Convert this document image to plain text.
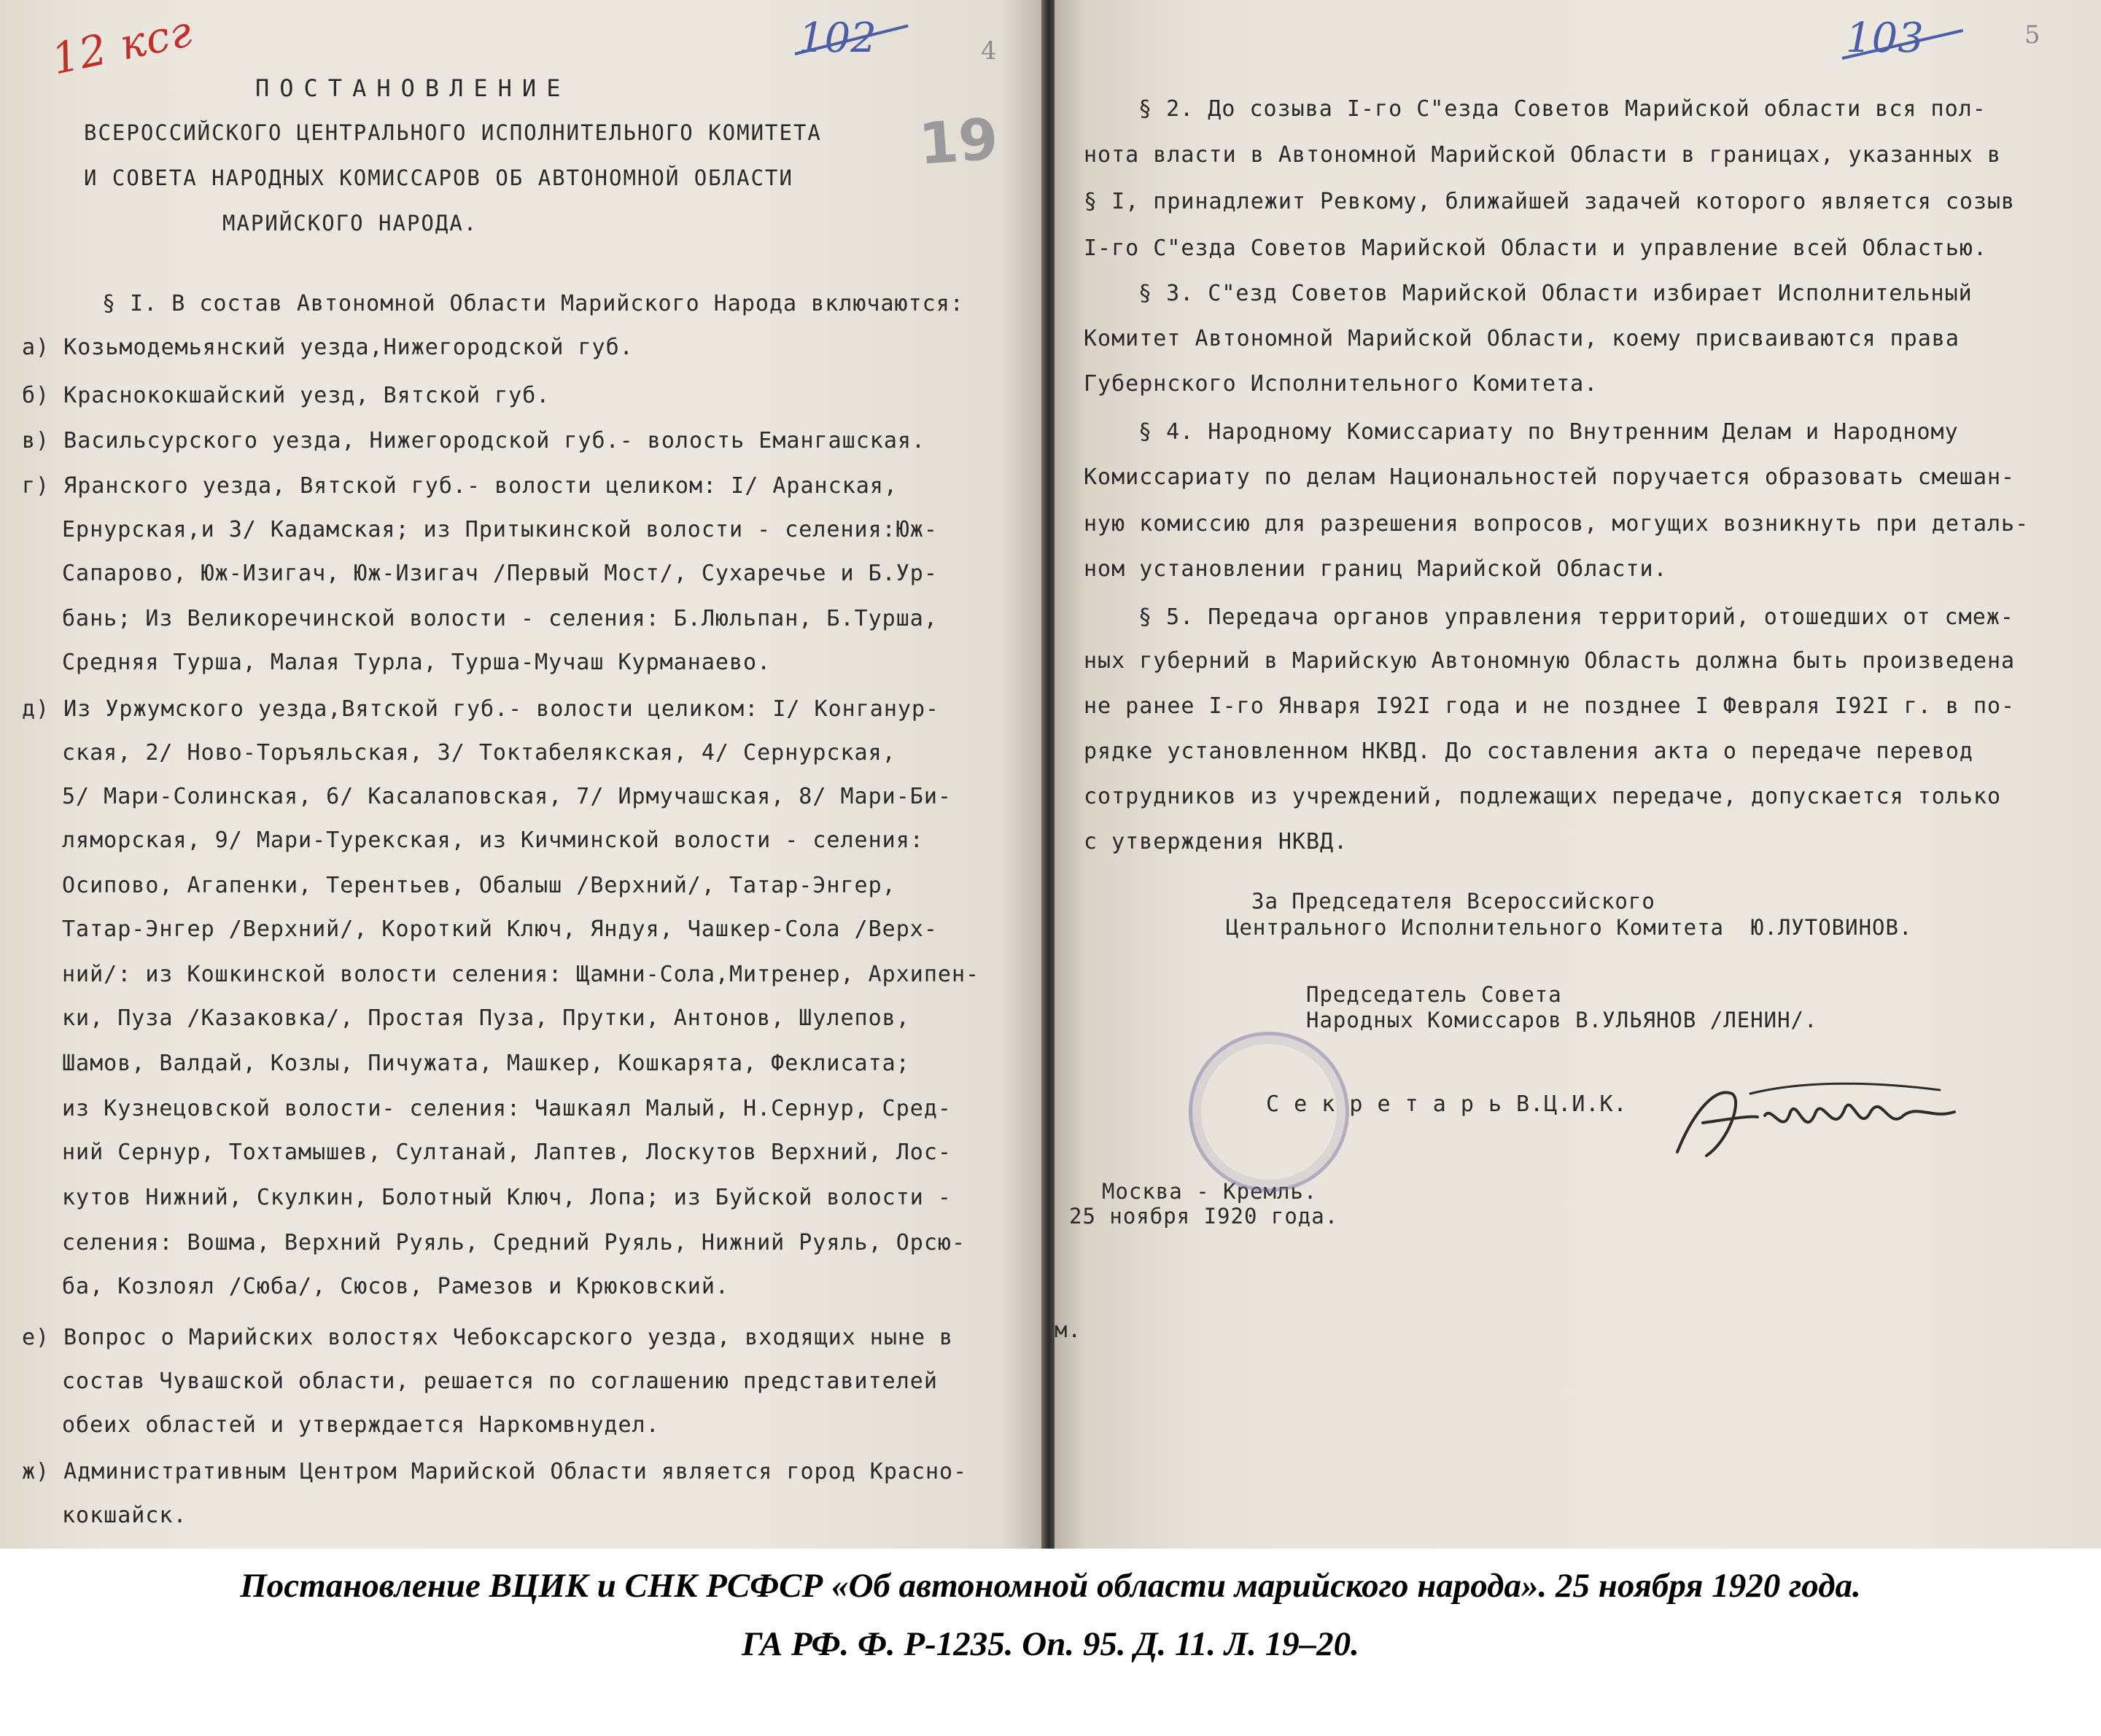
12 ксг	102	4
19
ПОСТАНОВЛЕНИЕ
ВСЕРОССИЙСКОГО ЦЕНТРАЛЬНОГО ИСПОЛНИТЕЛЬНОГО КОМИТЕТА
И СОВЕТА НАРОДНЫХ КОМИССАРОВ ОБ АВТОНОМНОЙ ОБЛАСТИ
МАРИЙСКОГО НАРОДА.
§ I. В состав Автономной Области Марийского Народа включаются:
а) Козьмодемьянский уезда,Нижегородской губ.
б) Краснококшайский уезд, Вятской губ.
в) Васильсурского уезда, Нижегородской губ.- волость Емангашская.
г) Яранского уезда, Вятской губ.- волости целиком: I/ Аранская,
Ернурская,и 3/ Кадамская; из Притыкинской волости - селения:Юж-
Сапарово, Юж-Изигач, Юж-Изигач /Первый Мост/, Сухаречье и Б.Ур-
бань; Из Великоречинской волости - селения: Б.Люльпан, Б.Турша,
Средняя Турша, Малая Турла, Турша-Мучаш Курманаево.
д) Из Уржумского уезда,Вятской губ.- волости целиком: I/ Конганур-
ская, 2/ Ново-Торъяльская, 3/ Токтабелякская, 4/ Сернурская,
5/ Мари-Солинская, 6/ Касалаповская, 7/ Ирмучашская, 8/ Мари-Би-
ляморская, 9/ Мари-Турекская, из Кичминской волости - селения:
Осипово, Агапенки, Терентьев, Обалыш /Верхний/, Татар-Энгер,
Татар-Энгер /Верхний/, Короткий Ключ, Яндуя, Чашкер-Сола /Верх-
ний/: из Кошкинской волости селения: Щамни-Сола,Митренер, Архипен-
ки, Пуза /Казаковка/, Простая Пуза, Прутки, Антонов, Шулепов,
Шамов, Валдай, Козлы, Пичужата, Машкер, Кошкарята, Феклисата;
из Кузнецовской волости- селения: Чашкаял Малый, Н.Сернур, Сред-
ний Сернур, Тохтамышев, Султанай, Лаптев, Лоскутов Верхний, Лос-
кутов Нижний, Скулкин, Болотный Ключ, Лопа; из Буйской волости -
селения: Вошма, Верхний Руяль, Средний Руяль, Нижний Руяль, Орсю-
ба, Козлоял /Сюба/, Сюсов, Рамезов и Крюковский.
е) Вопрос о Марийских волостях Чебоксарского уезда, входящих ныне в
состав Чувашской области, решается по соглашению представителей
обеих областей и утверждается Наркомвнудел.
ж) Административным Центром Марийской Области является город Красно-
кокшайск.
103	5
§ 2. До созыва I-го С"езда Советов Марийской области вся пол-
нота власти в Автономной Марийской Области в границах, указанных в
§ I, принадлежит Ревкому, ближайшей задачей которого является созыв
I-го С"езда Советов Марийской Области и управление всей Областью.
§ 3. С"езд Советов Марийской Области избирает Исполнительный
Комитет Автономной Марийской Области, коему присваиваются права
Губернского Исполнительного Комитета.
§ 4. Народному Комиссариату по Внутренним Делам и Народному
Комиссариату по делам Национальностей поручается образовать смешан-
ную комиссию для разрешения вопросов, могущих возникнуть при деталь-
ном установлении границ Марийской Области.
§ 5. Передача органов управления территорий, отошедших от смеж-
ных губерний в Марийскую Автономную Область должна быть произведена
не ранее I-го Января I92I года и не позднее I Февраля I92I г. в по-
рядке установленном НКВД. До составления акта о передаче перевод
сотрудников из учреждений, подлежащих передаче, допускается только
с утверждения НКВД.
За Председателя Всероссийского
Центрального Исполнительного Комитета  Ю.ЛУТОВИНОВ.
Председатель Совета
Народных Комиссаров В.УЛЬЯНОВ /ЛЕНИН/.
С е к р е т а р ь В.Ц.И.К.
Москва - Кремль.
25 ноября I920 года.
м.
Постановление ВЦИК и СНК РСФСР «Об автономной области марийского народа». 25 ноября 1920 года.
ГА РФ. Ф. Р-1235. Оп. 95. Д. 11. Л. 19–20.
